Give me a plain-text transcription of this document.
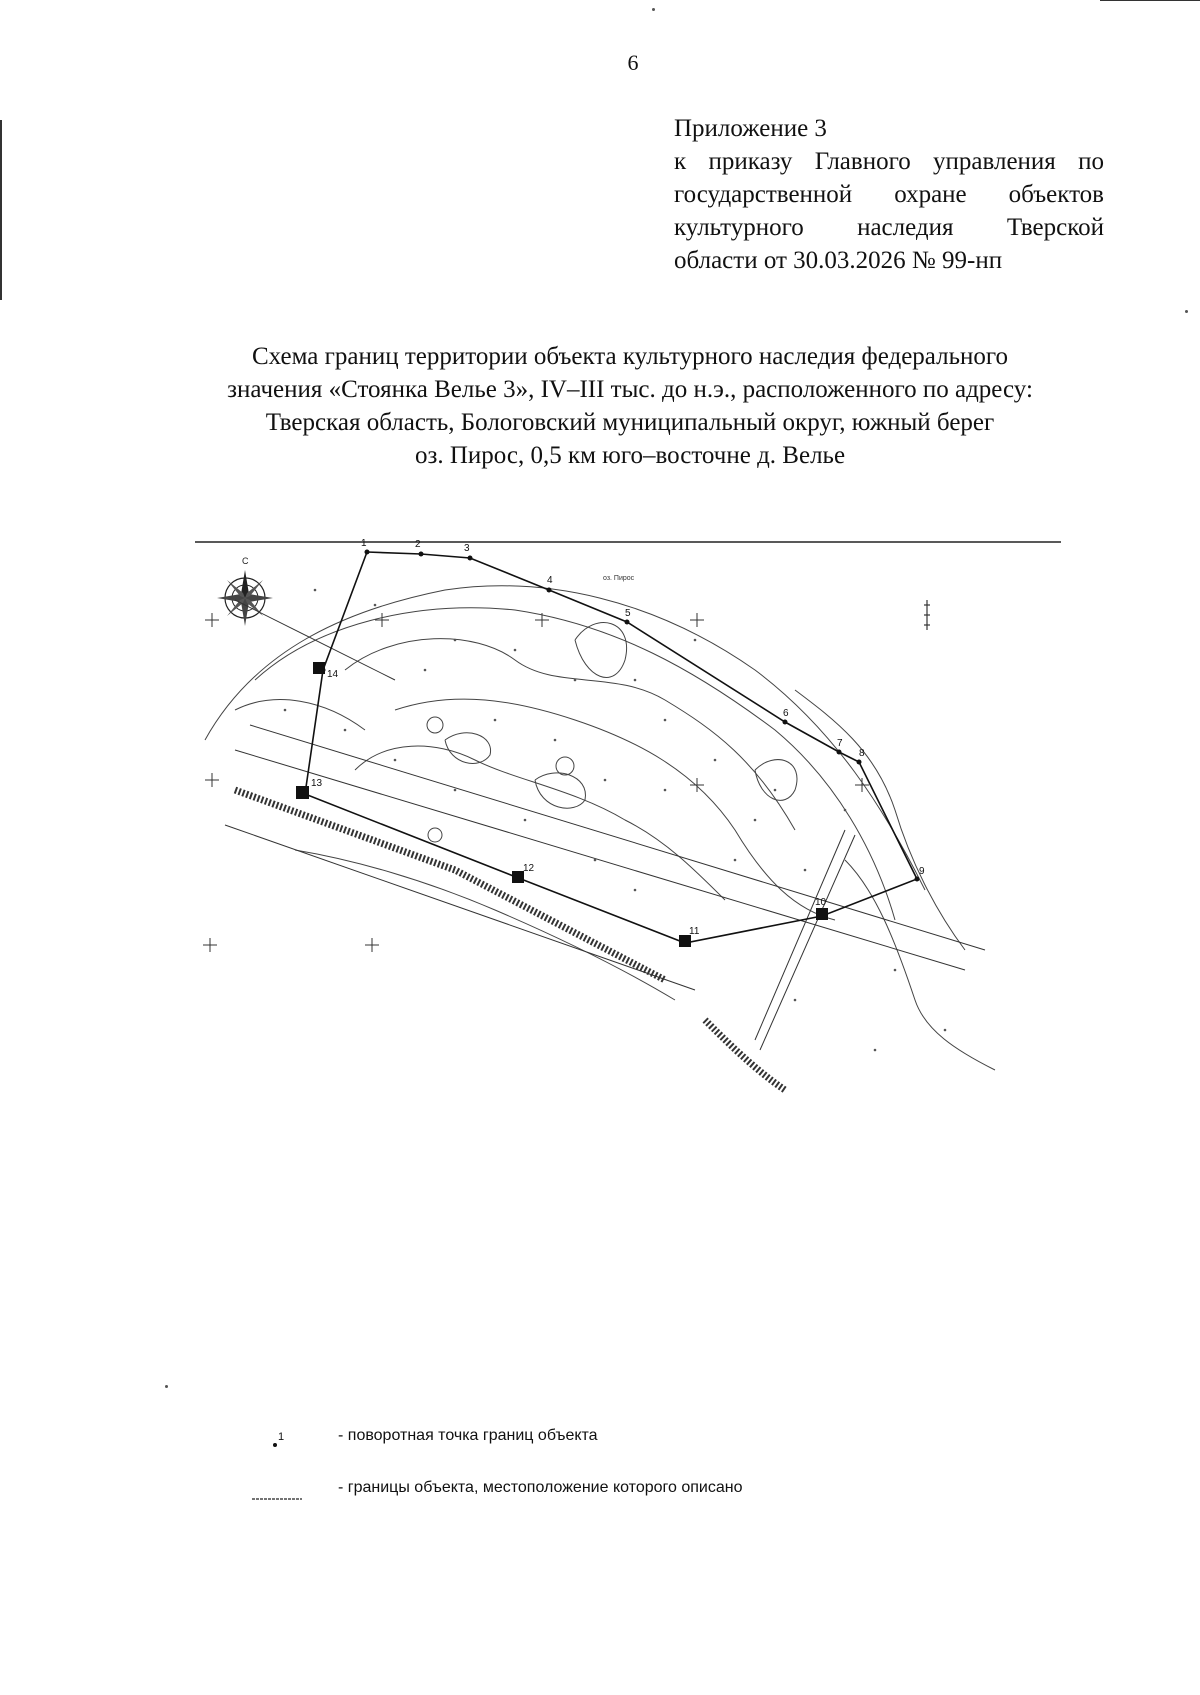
6
Приложение 3
к приказу Главного управления по
государственной охране объектов
культурного наследия Тверской
области от 30.03.2026 № 99-нп
Схема границ территории объекта культурного наследия федерального
значения «Стоянка Велье 3», IV–III тыс. до н.э., расположенного по адресу:
Тверская область, Бологовский муниципальный округ, южный берег
оз. Пирос, 0,5 км юго–восточне д. Велье
С
1	2	3
4
5
6
7
8
9
10
11
12
13
14
оз. Пирос
1	- поворотная точка границ объекта
- границы объекта, местоположение которого описано
